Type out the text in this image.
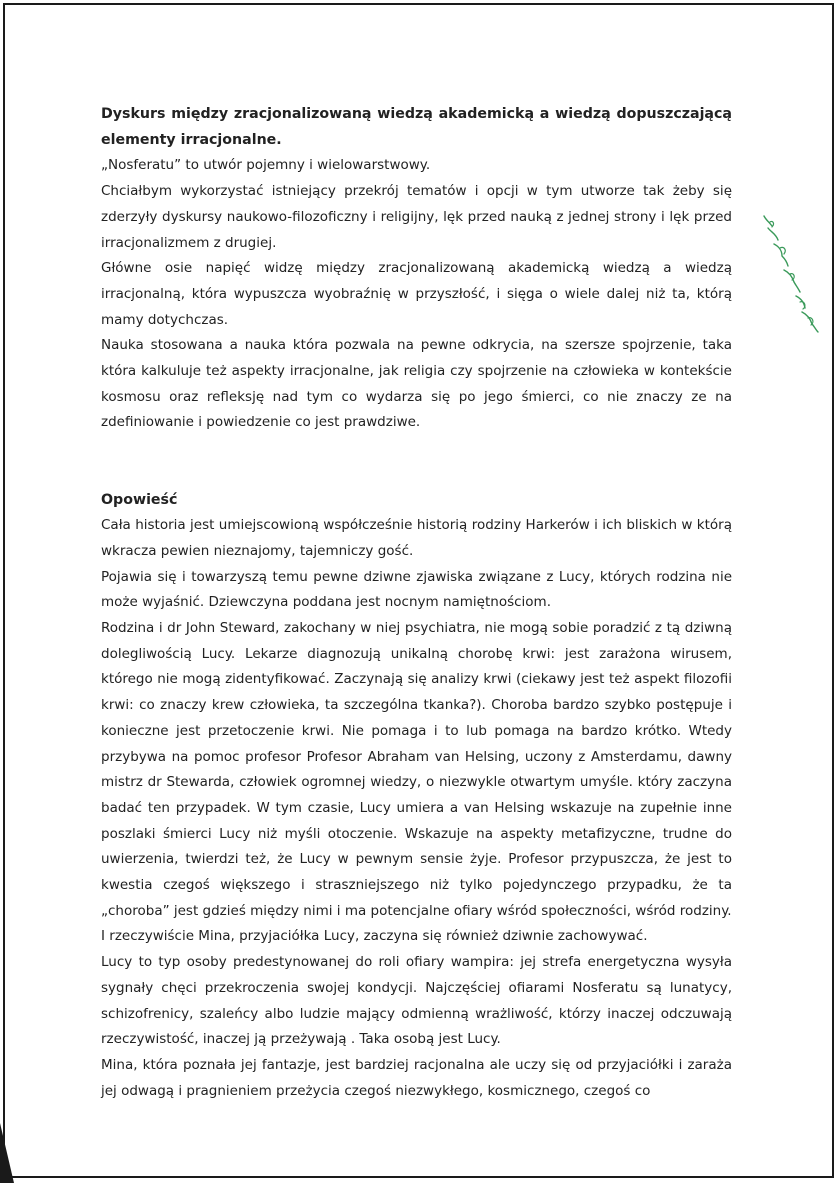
Dyskurs między zracjonalizowaną wiedzą akademicką a wiedzą dopuszczającą elementy irracjonalne.

„Nosferatu” to utwór pojemny i wielowarstwowy.

Chciałbym wykorzystać istniejący przekrój tematów i opcji w tym utworze tak żeby się zderzyły dyskursy naukowo-filozoficzny i religijny, lęk przed nauką z jednej strony i lęk przed irracjonalizmem z drugiej.

Główne osie napięć widzę między zracjonalizowaną akademicką wiedzą a wiedzą irracjonalną, która wypuszcza wyobraźnię w przyszłość, i sięga o wiele dalej niż ta, którą mamy dotychczas.

Nauka stosowana a nauka która pozwala na pewne odkrycia, na szersze spojrzenie, taka która kalkuluje też aspekty irracjonalne, jak religia czy spojrzenie na człowieka w kontekście kosmosu oraz refleksję nad tym co wydarza się po jego śmierci, co nie znaczy ze na zdefiniowanie i powiedzenie co jest prawdziwe.

Opowieść

Cała historia jest umiejscowioną współcześnie historią rodziny Harkerów i ich bliskich w którą wkracza pewien nieznajomy, tajemniczy gość.

Pojawia się i towarzyszą temu pewne dziwne zjawiska związane z Lucy, których rodzina nie może wyjaśnić. Dziewczyna poddana jest nocnym namiętnościom.

Rodzina i dr John Steward, zakochany w niej psychiatra, nie mogą sobie poradzić z tą dziwną dolegliwością Lucy. Lekarze diagnozują unikalną chorobę krwi: jest zarażona wirusem, którego nie mogą zidentyfikować. Zaczynają się analizy krwi (ciekawy jest też aspekt filozofii krwi: co znaczy krew człowieka, ta szczególna tkanka?). Choroba bardzo szybko postępuje i konieczne jest przetoczenie krwi. Nie pomaga i to lub pomaga na bardzo krótko. Wtedy przybywa na pomoc profesor Profesor Abraham van Helsing, uczony z Amsterdamu, dawny mistrz dr Stewarda, człowiek ogromnej wiedzy, o niezwykle otwartym umyśle. który zaczyna badać ten przypadek. W tym czasie, Lucy umiera a van Helsing wskazuje na zupełnie inne poszlaki śmierci Lucy niż myśli otoczenie. Wskazuje na aspekty metafizyczne, trudne do uwierzenia, twierdzi też, że Lucy w pewnym sensie żyje. Profesor przypuszcza, że jest to kwestia czegoś większego i straszniejszego niż tylko pojedynczego przypadku, że ta „choroba” jest gdzieś między nimi i ma potencjalne ofiary wśród społeczności, wśród rodziny.

I rzeczywiście Mina, przyjaciółka Lucy, zaczyna się również dziwnie zachowywać.

Lucy to typ osoby predestynowanej do roli ofiary wampira: jej strefa energetyczna wysyła sygnały chęci przekroczenia swojej kondycji. Najczęściej ofiarami Nosferatu są lunatycy, schizofrenicy, szaleńcy albo ludzie mający odmienną wrażliwość, którzy inaczej odczuwają rzeczywistość, inaczej ją przeżywają . Taka osobą jest Lucy.

Mina, która poznała jej fantazje, jest bardziej racjonalna ale uczy się od przyjaciółki i zaraża jej odwagą i pragnieniem przeżycia czegoś niezwykłego, kosmicznego, czegoś co
